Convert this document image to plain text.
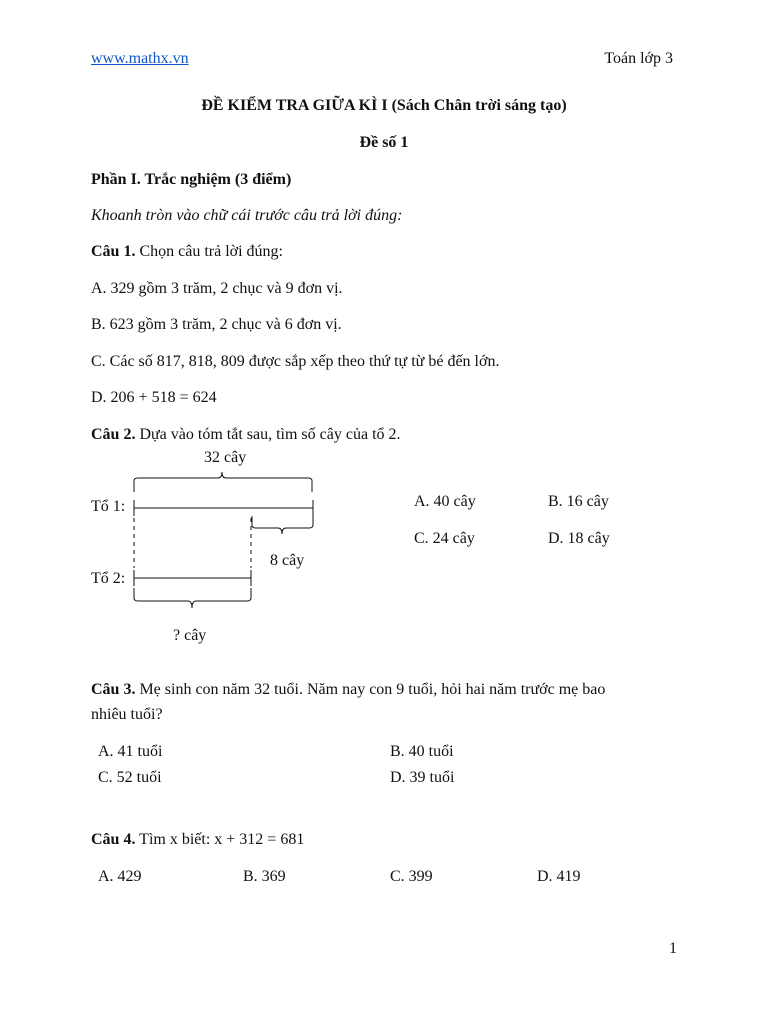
www.mathx.vn	Toán lớp 3
ĐỀ KIỂM TRA GIỮA KÌ I (Sách Chân trời sáng tạo)
Đề số 1
Phần I. Trắc nghiệm (3 điểm)
Khoanh tròn vào chữ cái trước câu trả lời đúng:
Câu 1. Chọn câu trả lời đúng:
A. 329 gồm 3 trăm, 2 chục và 9 đơn vị.
B. 623 gồm 3 trăm, 2 chục và 6 đơn vị.
C. Các số 817, 818, 809 được sắp xếp theo thứ tự từ bé đến lớn.
D. 206 + 518 = 624
Câu 2. Dựa vào tóm tắt sau, tìm số cây của tổ 2.
32 cây
Tổ 1:
8 cây
Tổ 2:
? cây
A. 40 cây	B. 16 cây
C. 24 cây	D. 18 cây
Câu 3. Mẹ sinh con năm 32 tuổi. Năm nay con 9 tuổi, hỏi hai năm trước mẹ bao
nhiêu tuổi?
A. 41 tuổi	B. 40 tuổi
C. 52 tuổi	D. 39 tuổi
Câu 4. Tìm x biết: x + 312 = 681
A. 429	B. 369	C. 399	D. 419
1
